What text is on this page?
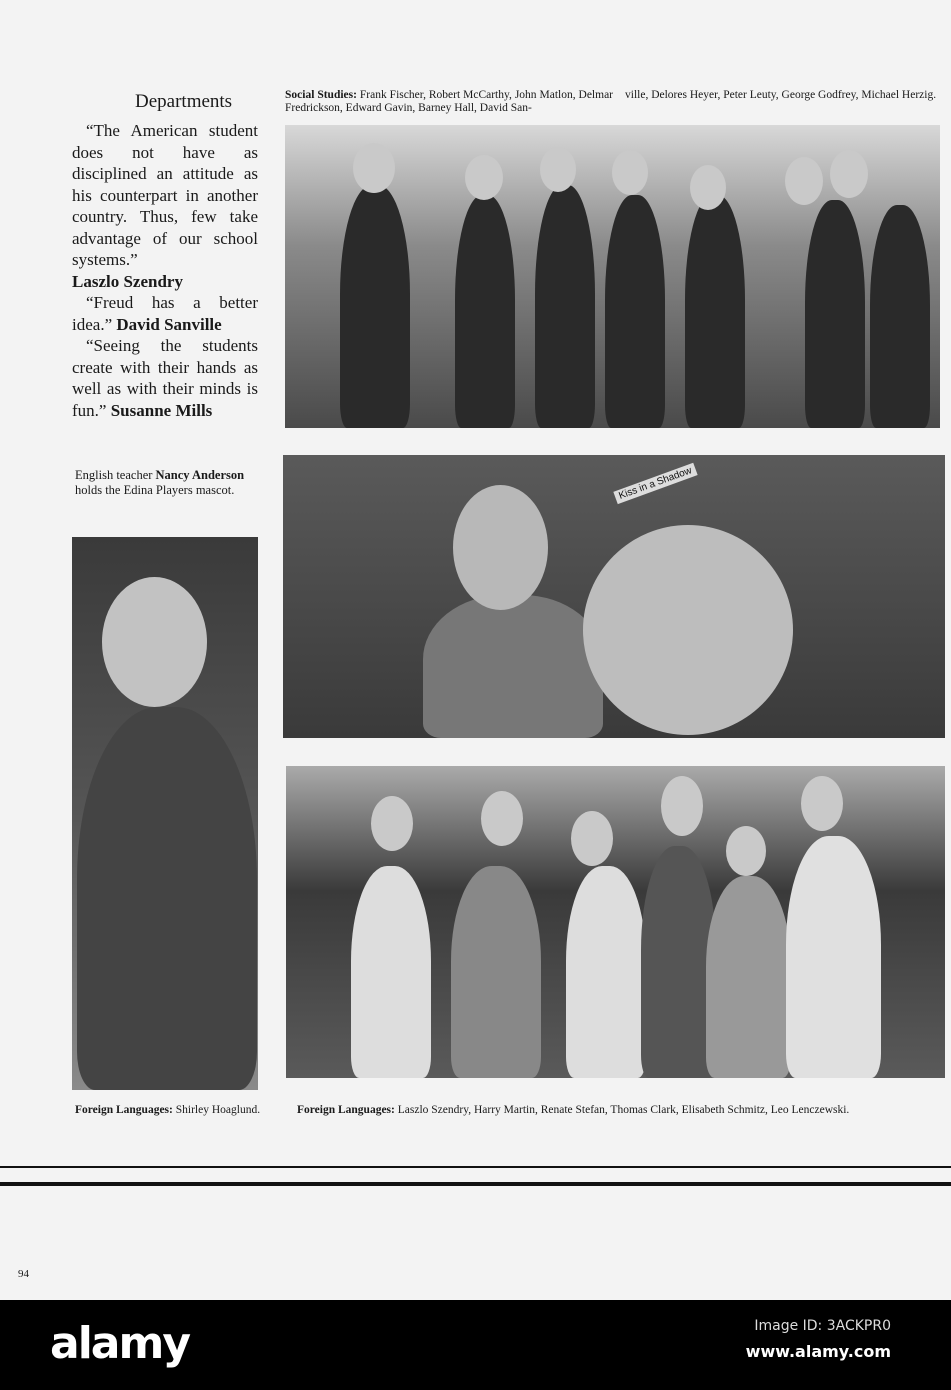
Social Studies: Frank Fischer, Robert McCarthy, John Matlon, Delmar Fredrickson, Edward Gavin, Barney Hall, David San-
ville, Delores Heyer, Peter Leuty, George Godfrey, Michael Herzig.
Departments

“The American student does not have as disciplined an attitude as his counterpart in another country. Thus, few take advantage of our school systems.”
Laszlo Szendry

“Freud has a better idea.” David Sanville

“Seeing the students create with their hands as well as with their minds is fun.” Susanne Mills

English teacher Nancy Anderson holds the Edina Players mascot.	Kiss in a Shadow
Foreign Languages: Shirley Hoaglund.	Foreign Languages: Laszlo Szendry, Harry Martin, Renate Stefan, Thomas Clark, Elisabeth Schmitz, Leo Lenczewski.
94
alamy	Image ID: 3ACKPR0
www.alamy.com
